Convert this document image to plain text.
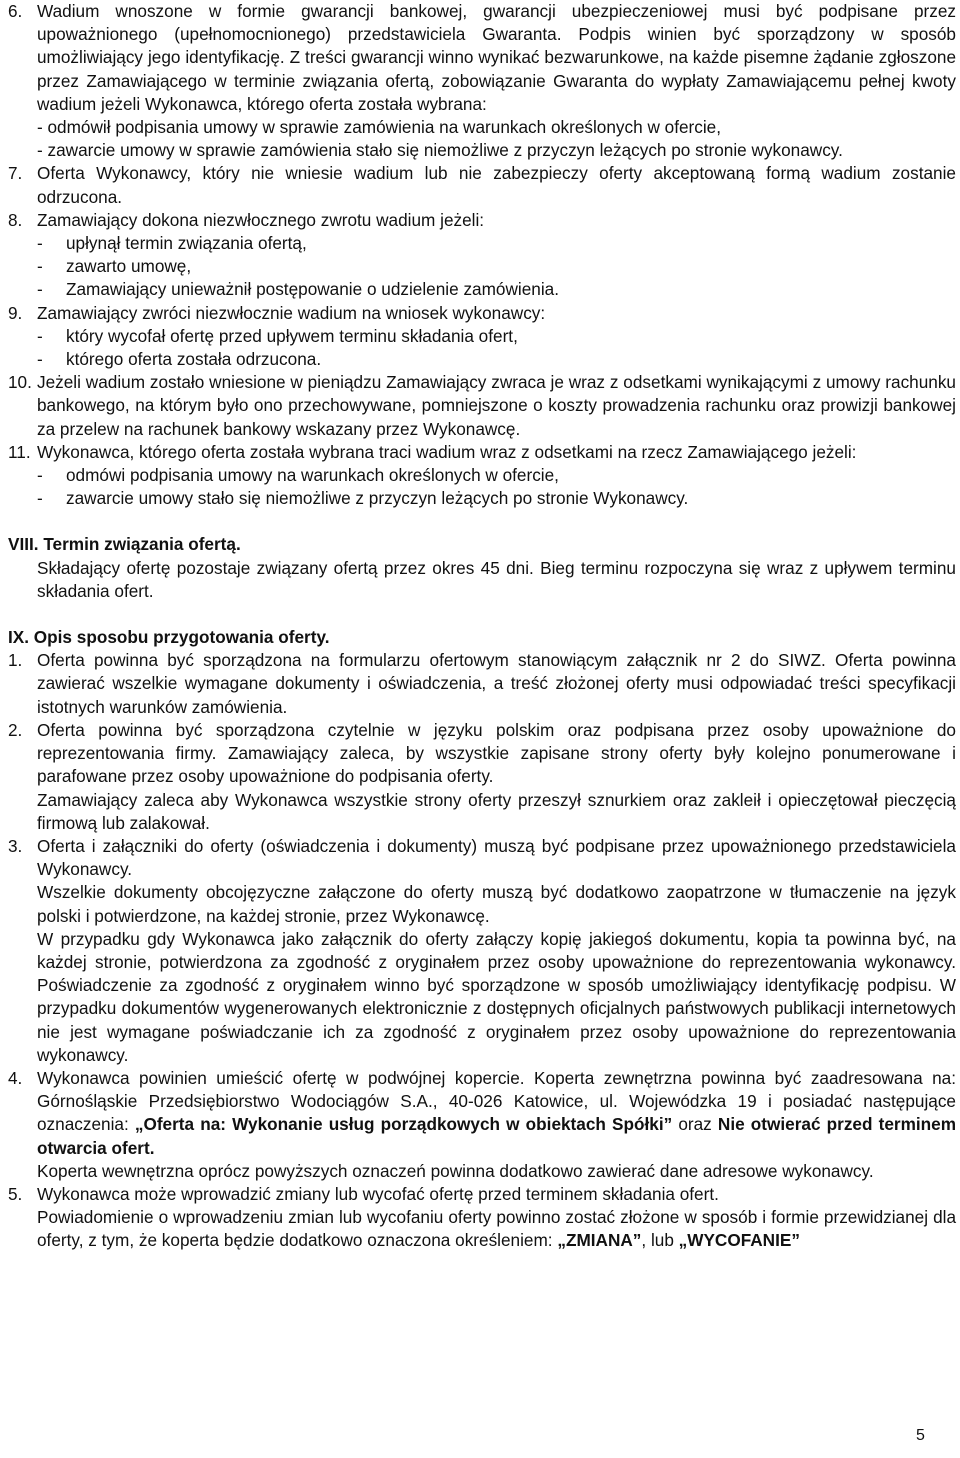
6. Wadium wnoszone w formie gwarancji bankowej, gwarancji ubezpieczeniowej musi być podpisane przez upoważnionego (upełnomocnionego) przedstawiciela Gwaranta. Podpis winien być sporządzony w sposób umożliwiający jego identyfikację. Z treści gwarancji winno wynikać bezwarunkowe, na każde pisemne żądanie zgłoszone przez Zamawiającego w terminie związania ofertą, zobowiązanie Gwaranta do wypłaty Zamawiającemu pełnej kwoty wadium jeżeli Wykonawca, którego oferta została wybrana:
- odmówił podpisania umowy w sprawie zamówienia na warunkach określonych w ofercie,
- zawarcie umowy w sprawie zamówienia stało się niemożliwe z przyczyn leżących po stronie wykonawcy.
7. Oferta Wykonawcy, który nie wniesie wadium lub nie zabezpieczy oferty akceptowaną formą wadium zostanie odrzucona.
8. Zamawiający dokona niezwłocznego zwrotu wadium jeżeli:
- upłynął termin związania ofertą,
- zawarto umowę,
- Zamawiający unieważnił postępowanie o udzielenie zamówienia.
9. Zamawiający zwróci niezwłocznie wadium na wniosek wykonawcy:
- który wycofał ofertę przed upływem terminu składania ofert,
- którego oferta została odrzucona.
10. Jeżeli wadium zostało wniesione w pieniądzu Zamawiający zwraca je wraz z odsetkami wynikającymi z umowy rachunku bankowego, na którym było ono przechowywane, pomniejszone o koszty prowadzenia rachunku oraz prowizji bankowej za przelew na rachunek bankowy wskazany przez Wykonawcę.
11. Wykonawca, którego oferta została wybrana traci wadium wraz z odsetkami na rzecz Zamawiającego jeżeli:
- odmówi podpisania umowy na warunkach określonych w ofercie,
- zawarcie umowy stało się niemożliwe z przyczyn leżących po stronie Wykonawcy.
VIII. Termin związania ofertą.
Składający ofertę pozostaje związany ofertą przez okres 45 dni. Bieg terminu rozpoczyna się wraz z upływem terminu składania ofert.
IX. Opis sposobu przygotowania oferty.
1. Oferta powinna być sporządzona na formularzu ofertowym stanowiącym załącznik nr 2 do SIWZ. Oferta powinna zawierać wszelkie wymagane dokumenty i oświadczenia, a treść złożonej oferty musi odpowiadać treści specyfikacji istotnych warunków zamówienia.
2. Oferta powinna być sporządzona czytelnie w języku polskim oraz podpisana przez osoby upoważnione do reprezentowania firmy. Zamawiający zaleca, by wszystkie zapisane strony oferty były kolejno ponumerowane i parafowane przez osoby upoważnione do podpisania oferty.
Zamawiający zaleca aby Wykonawca wszystkie strony oferty przeszył sznurkiem oraz zakleił i opieczętował pieczęcią firmową lub zalakował.
3. Oferta i załączniki do oferty (oświadczenia i dokumenty) muszą być podpisane przez upoważnionego przedstawiciela Wykonawcy.
Wszelkie dokumenty obcojęzyczne załączone do oferty muszą być dodatkowo zaopatrzone w tłumaczenie na język polski i potwierdzone, na każdej stronie, przez Wykonawcę.
W przypadku gdy Wykonawca jako załącznik do oferty załączy kopię jakiegoś dokumentu, kopia ta powinna być, na każdej stronie, potwierdzona za zgodność z oryginałem przez osoby upoważnione do reprezentowania wykonawcy. Poświadczenie za zgodność z oryginałem winno być sporządzone w sposób umożliwiający identyfikację podpisu. W przypadku dokumentów wygenerowanych elektronicznie z dostępnych oficjalnych państwowych publikacji internetowych nie jest wymagane poświadczanie ich za zgodność z oryginałem przez osoby upoważnione do reprezentowania wykonawcy.
4. Wykonawca powinien umieścić ofertę w podwójnej kopercie. Koperta zewnętrzna powinna być zaadresowana na: Górnośląskie Przedsiębiorstwo Wodociągów S.A., 40-026 Katowice, ul. Wojewódzka 19 i posiadać następujące oznaczenia: „Oferta na: Wykonanie usług porządkowych w obiektach Spółki” oraz Nie otwierać przed terminem otwarcia ofert.
Koperta wewnętrzna oprócz powyższych oznaczeń powinna dodatkowo zawierać dane adresowe wykonawcy.
5. Wykonawca może wprowadzić zmiany lub wycofać ofertę przed terminem składania ofert.
Powiadomienie o wprowadzeniu zmian lub wycofaniu oferty powinno zostać złożone w sposób i formie przewidzianej dla oferty, z tym, że koperta będzie dodatkowo oznaczona określeniem: „ZMIANA”, lub „WYCOFANIE”
5
